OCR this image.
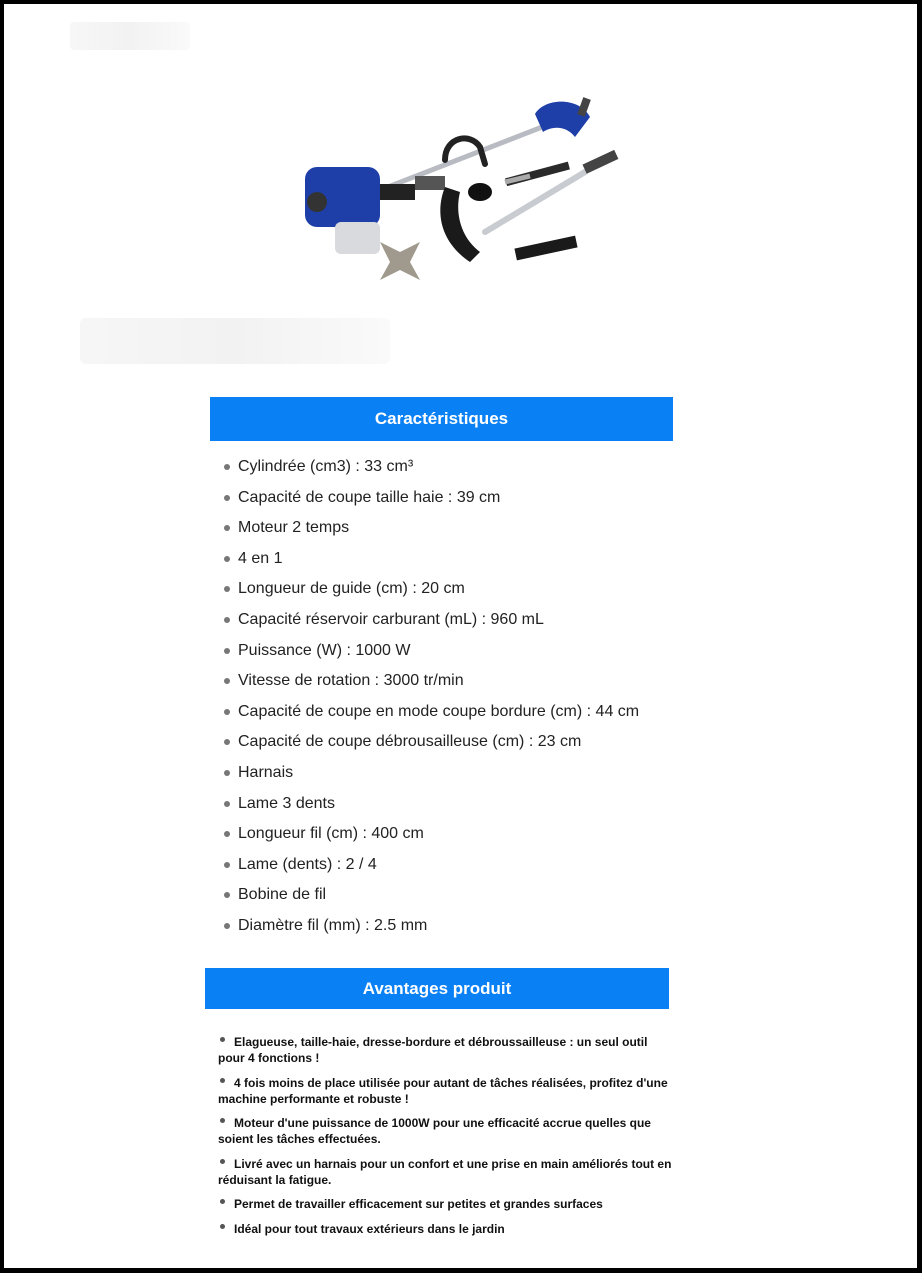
Caractéristiques
Cylindrée (cm3) : 33 cm³
Capacité de coupe taille haie : 39 cm
Moteur 2 temps
4 en 1
Longueur de guide (cm) : 20 cm
Capacité réservoir carburant (mL) : 960 mL
Puissance (W) : 1000 W
Vitesse de rotation : 3000 tr/min
Capacité de coupe en mode coupe bordure (cm) : 44 cm
Capacité de coupe débrousailleuse (cm) : 23 cm
Harnais
Lame 3 dents
Longueur fil (cm) : 400 cm
Lame (dents) : 2 / 4
Bobine de fil
Diamètre fil (mm) : 2.5 mm
Avantages produit
Elagueuse, taille-haie, dresse-bordure et débroussailleuse : un seul outil pour 4 fonctions !
4 fois moins de place utilisée pour autant de tâches réalisées, profitez d'une machine performante et robuste !
Moteur d'une puissance de 1000W pour une efficacité accrue quelles que soient les tâches effectuées.
Livré avec un harnais pour un confort et une prise en main améliorés tout en réduisant la fatigue.
Permet de travailler efficacement sur petites et grandes surfaces
Idéal pour tout travaux extérieurs dans le jardin
